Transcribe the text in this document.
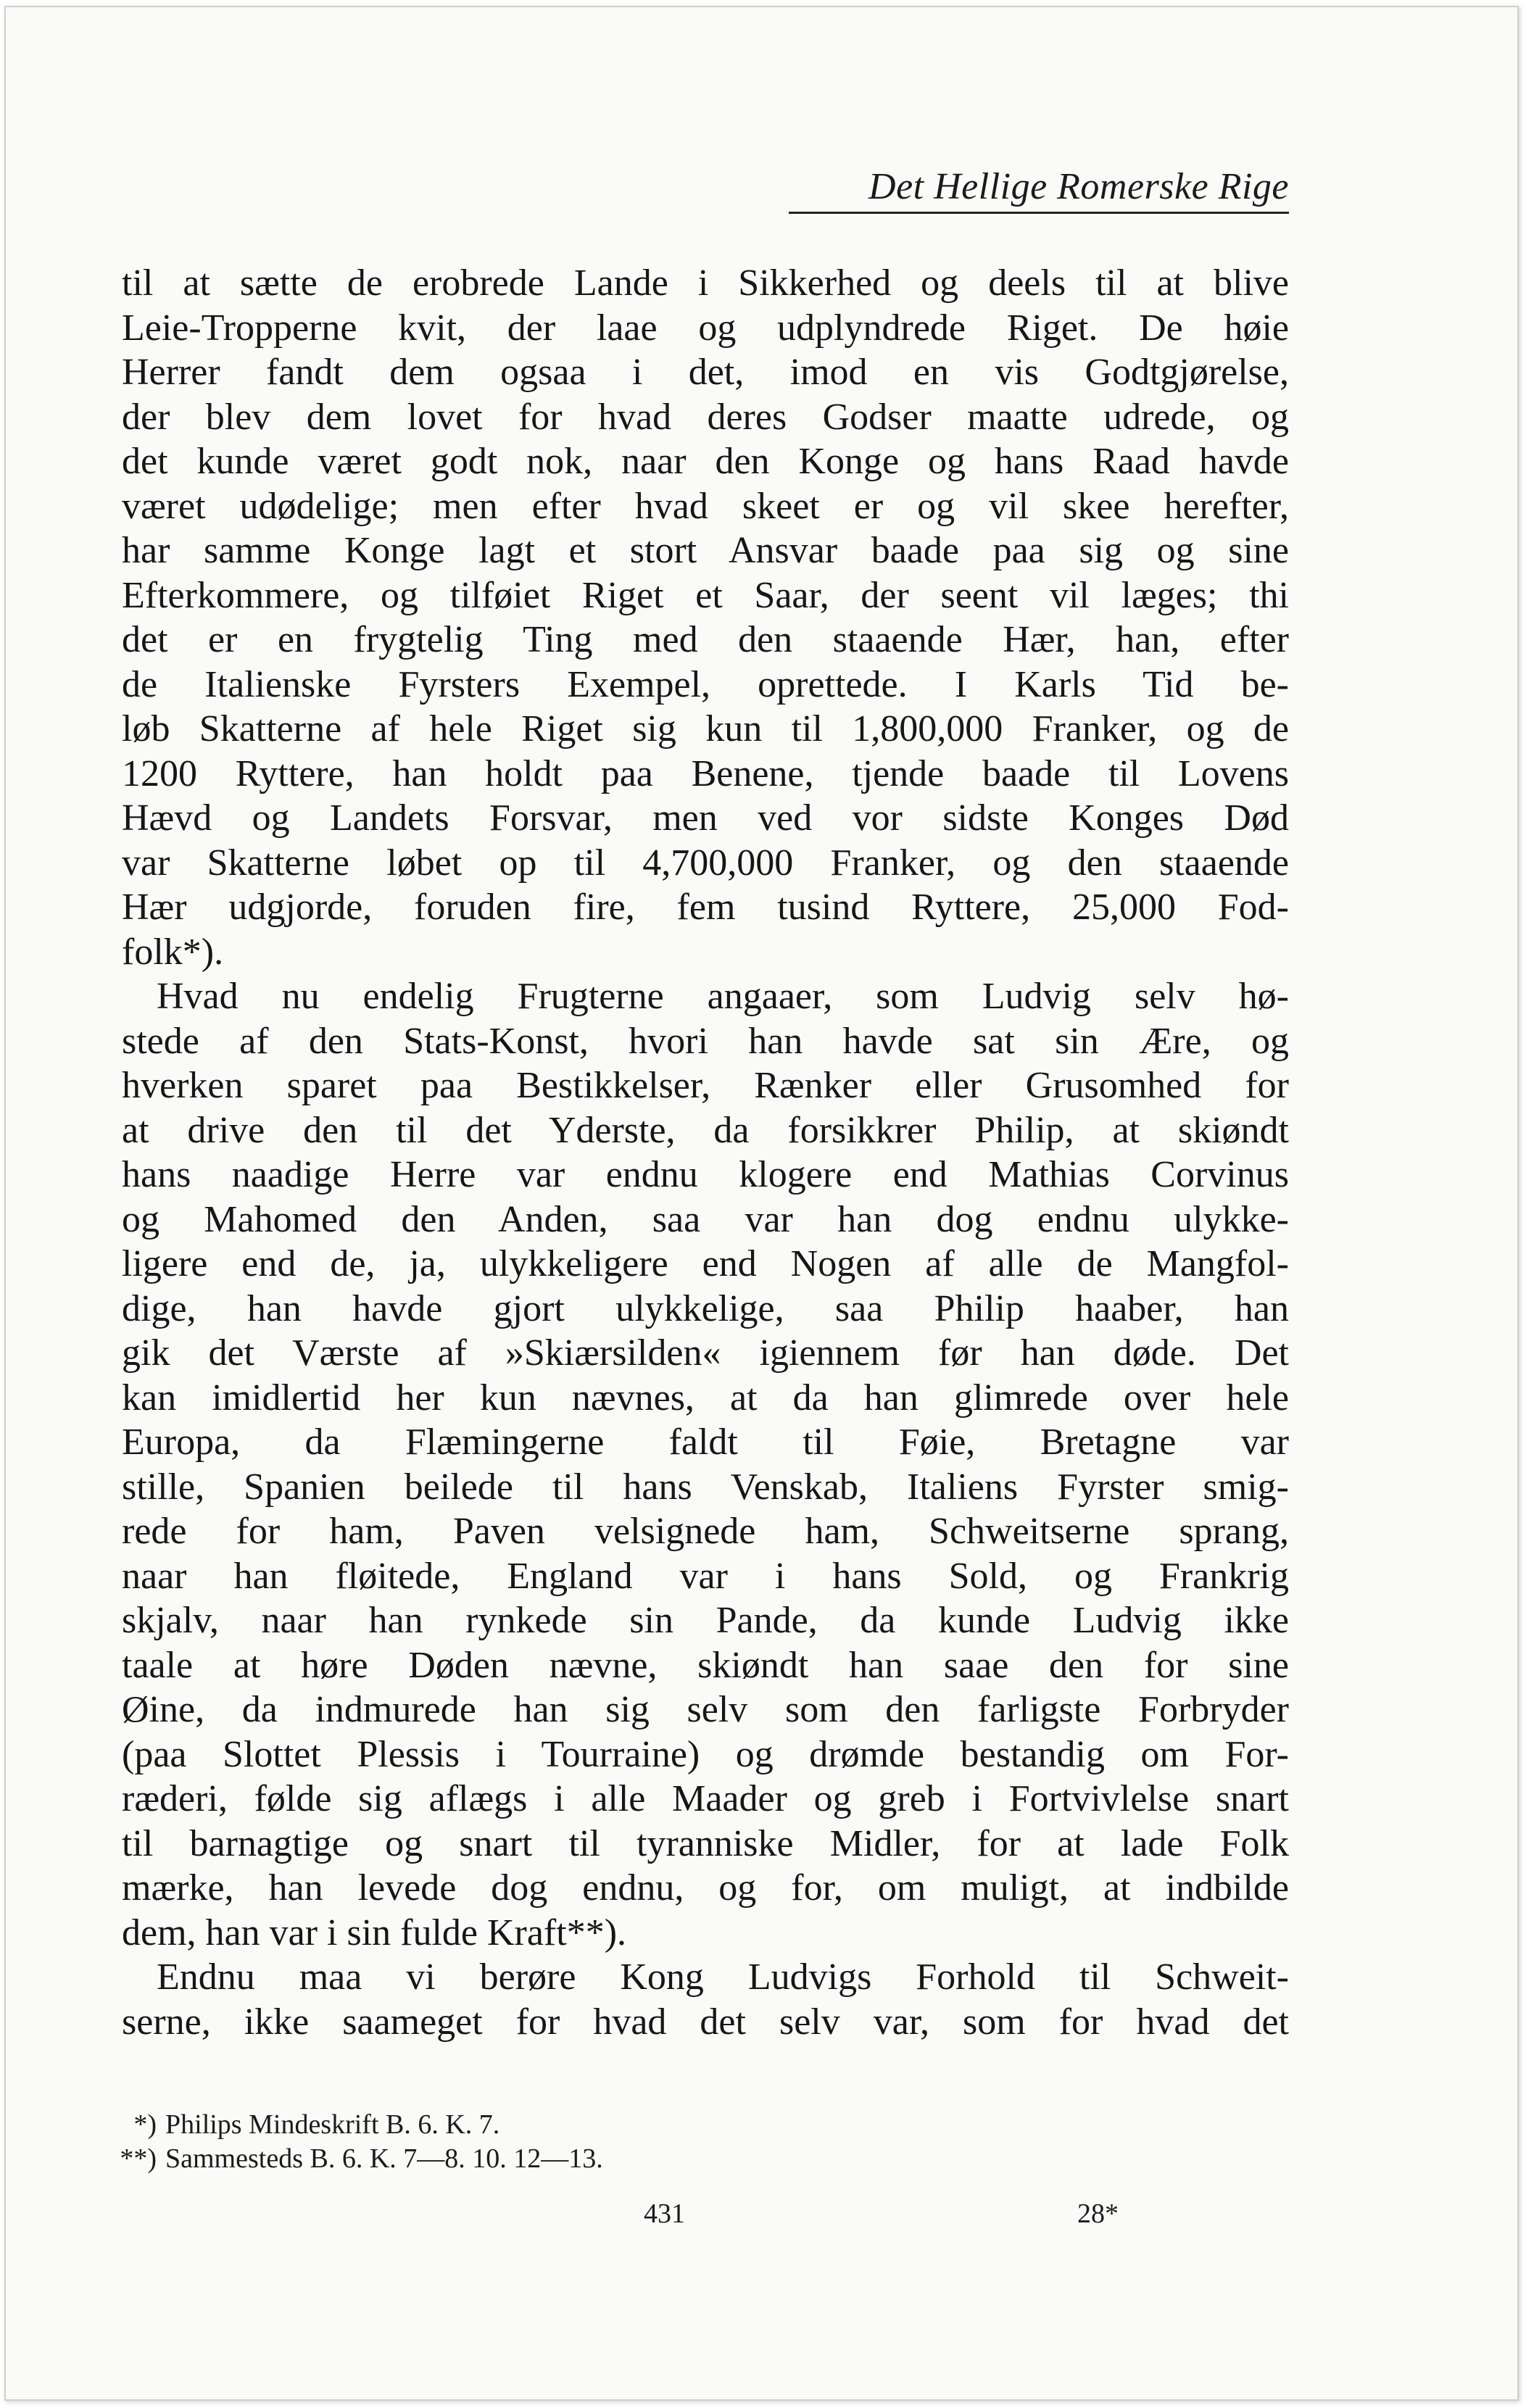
Det Hellige Romerske Rige
til at sætte de erobrede Lande i Sikkerhed og deels til at blive
Leie-Tropperne kvit, der laae og udplyndrede Riget. De høie
Herrer fandt dem ogsaa i det, imod en vis Godtgjørelse,
der blev dem lovet for hvad deres Godser maatte udrede, og
det kunde været godt nok, naar den Konge og hans Raad havde
været udødelige; men efter hvad skeet er og vil skee herefter,
har samme Konge lagt et stort Ansvar baade paa sig og sine
Efterkommere, og tilføiet Riget et Saar, der seent vil læges; thi
det er en frygtelig Ting med den staaende Hær, han, efter
de Italienske Fyrsters Exempel, oprettede. I Karls Tid be-
løb Skatterne af hele Riget sig kun til 1,800,000 Franker, og de
1200 Ryttere, han holdt paa Benene, tjende baade til Lovens
Hævd og Landets Forsvar, men ved vor sidste Konges Død
var Skatterne løbet op til 4,700,000 Franker, og den staaende
Hær udgjorde, foruden fire, fem tusind Ryttere, 25,000 Fod-
folk*).
Hvad nu endelig Frugterne angaaer, som Ludvig selv hø-
stede af den Stats-Konst, hvori han havde sat sin Ære, og
hverken sparet paa Bestikkelser, Rænker eller Grusomhed for
at drive den til det Yderste, da forsikkrer Philip, at skiøndt
hans naadige Herre var endnu klogere end Mathias Corvinus
og Mahomed den Anden, saa var han dog endnu ulykke-
ligere end de, ja, ulykkeligere end Nogen af alle de Mangfol-
dige, han havde gjort ulykkelige, saa Philip haaber, han
gik det Værste af »Skiærsilden« igiennem før han døde. Det
kan imidlertid her kun nævnes, at da han glimrede over hele
Europa, da Flæmingerne faldt til Føie, Bretagne var
stille, Spanien beilede til hans Venskab, Italiens Fyrster smig-
rede for ham, Paven velsignede ham, Schweitserne sprang,
naar han fløitede, England var i hans Sold, og Frankrig
skjalv, naar han rynkede sin Pande, da kunde Ludvig ikke
taale at høre Døden nævne, skiøndt han saae den for sine
Øine, da indmurede han sig selv som den farligste Forbryder
(paa Slottet Plessis i Tourraine) og drømde bestandig om For-
ræderi, følde sig aflægs i alle Maader og greb i Fortvivlelse snart
til barnagtige og snart til tyranniske Midler, for at lade Folk
mærke, han levede dog endnu, og for, om muligt, at indbilde
dem, han var i sin fulde Kraft**).
Endnu maa vi berøre Kong Ludvigs Forhold til Schweit-
serne, ikke saameget for hvad det selv var, som for hvad det
*) Philips Mindeskrift B. 6. K. 7.
**) Sammesteds B. 6. K. 7—8. 10. 12—13.
431	28*
